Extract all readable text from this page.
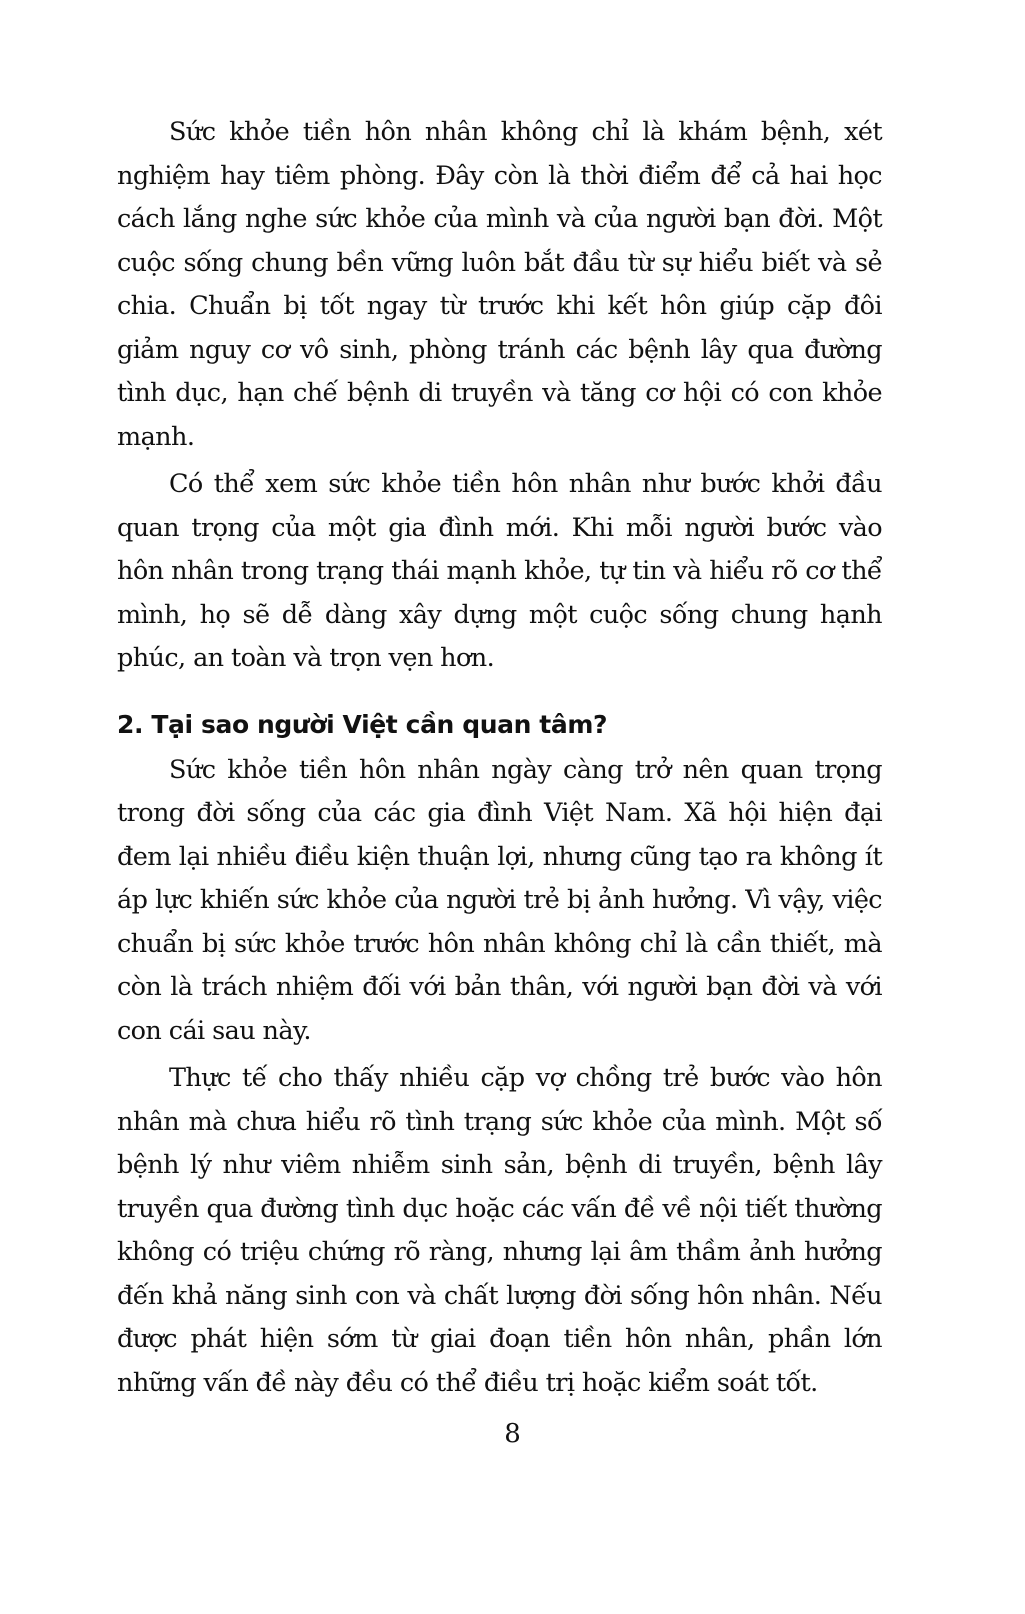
Sức khỏe tiền hôn nhân không chỉ là khám bệnh, xét nghiệm hay tiêm phòng. Đây còn là thời điểm để cả hai học cách lắng nghe sức khỏe của mình và của người bạn đời. Một cuộc sống chung bền vững luôn bắt đầu từ sự hiểu biết và sẻ chia. Chuẩn bị tốt ngay từ trước khi kết hôn giúp cặp đôi giảm nguy cơ vô sinh, phòng tránh các bệnh lây qua đường tình dục, hạn chế bệnh di truyền và tăng cơ hội có con khỏe mạnh.

Có thể xem sức khỏe tiền hôn nhân như bước khởi đầu quan trọng của một gia đình mới. Khi mỗi người bước vào hôn nhân trong trạng thái mạnh khỏe, tự tin và hiểu rõ cơ thể mình, họ sẽ dễ dàng xây dựng một cuộc sống chung hạnh phúc, an toàn và trọn vẹn hơn.

2. Tại sao người Việt cần quan tâm?

Sức khỏe tiền hôn nhân ngày càng trở nên quan trọng trong đời sống của các gia đình Việt Nam. Xã hội hiện đại đem lại nhiều điều kiện thuận lợi, nhưng cũng tạo ra không ít áp lực khiến sức khỏe của người trẻ bị ảnh hưởng. Vì vậy, việc chuẩn bị sức khỏe trước hôn nhân không chỉ là cần thiết, mà còn là trách nhiệm đối với bản thân, với người bạn đời và với con cái sau này.

Thực tế cho thấy nhiều cặp vợ chồng trẻ bước vào hôn nhân mà chưa hiểu rõ tình trạng sức khỏe của mình. Một số bệnh lý như viêm nhiễm sinh sản, bệnh di truyền, bệnh lây truyền qua đường tình dục hoặc các vấn đề về nội tiết thường không có triệu chứng rõ ràng, nhưng lại âm thầm ảnh hưởng đến khả năng sinh con và chất lượng đời sống hôn nhân. Nếu được phát hiện sớm từ giai đoạn tiền hôn nhân, phần lớn những vấn đề này đều có thể điều trị hoặc kiểm soát tốt.

8
